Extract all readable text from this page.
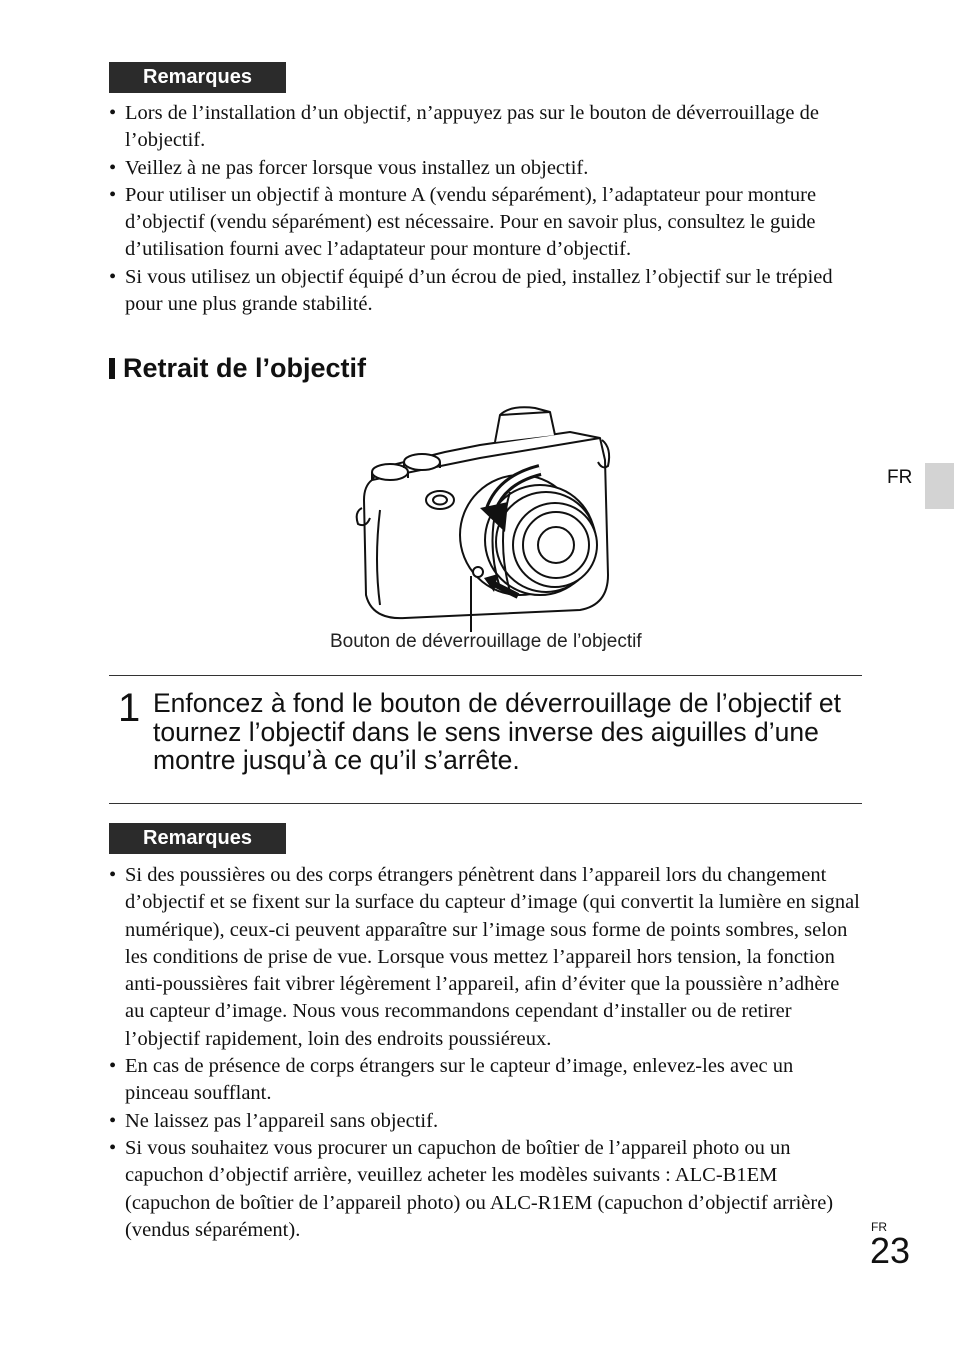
Remarques
• Lors de l’installation d’un objectif, n’appuyez pas sur le bouton de déverrouillage de l’objectif.
• Veillez à ne pas forcer lorsque vous installez un objectif.
• Pour utiliser un objectif à monture A (vendu séparément), l’adaptateur pour monture d’objectif (vendu séparément) est nécessaire. Pour en savoir plus, consultez le guide d’utilisation fourni avec l’adaptateur pour monture d’objectif.
• Si vous utilisez un objectif équipé d’un écrou de pied, installez l’objectif sur le trépied pour une plus grande stabilité.
Retrait de l’objectif
Bouton de déverrouillage de l’objectif
1 Enfoncez à fond le bouton de déverrouillage de l’objectif et tournez l’objectif dans le sens inverse des aiguilles d’une montre jusqu’à ce qu’il s’arrête.
Remarques
• Si des poussières ou des corps étrangers pénètrent dans l’appareil lors du changement d’objectif et se fixent sur la surface du capteur d’image (qui convertit la lumière en signal numérique), ceux-ci peuvent apparaître sur l’image sous forme de points sombres, selon les conditions de prise de vue. Lorsque vous mettez l’appareil hors tension, la fonction anti-poussières fait vibrer légèrement l’appareil, afin d’éviter que la poussière n’adhère au capteur d’image. Nous vous recommandons cependant d’installer ou de retirer l’objectif rapidement, loin des endroits poussiéreux.
• En cas de présence de corps étrangers sur le capteur d’image, enlevez-les avec un pinceau soufflant.
• Ne laissez pas l’appareil sans objectif.
• Si vous souhaitez vous procurer un capuchon de boîtier de l’appareil photo ou un capuchon d’objectif arrière, veuillez acheter les modèles suivants : ALC-B1EM (capuchon de boîtier de l’appareil photo) ou ALC-R1EM (capuchon d’objectif arrière) (vendus séparément).
FR
FR
23
